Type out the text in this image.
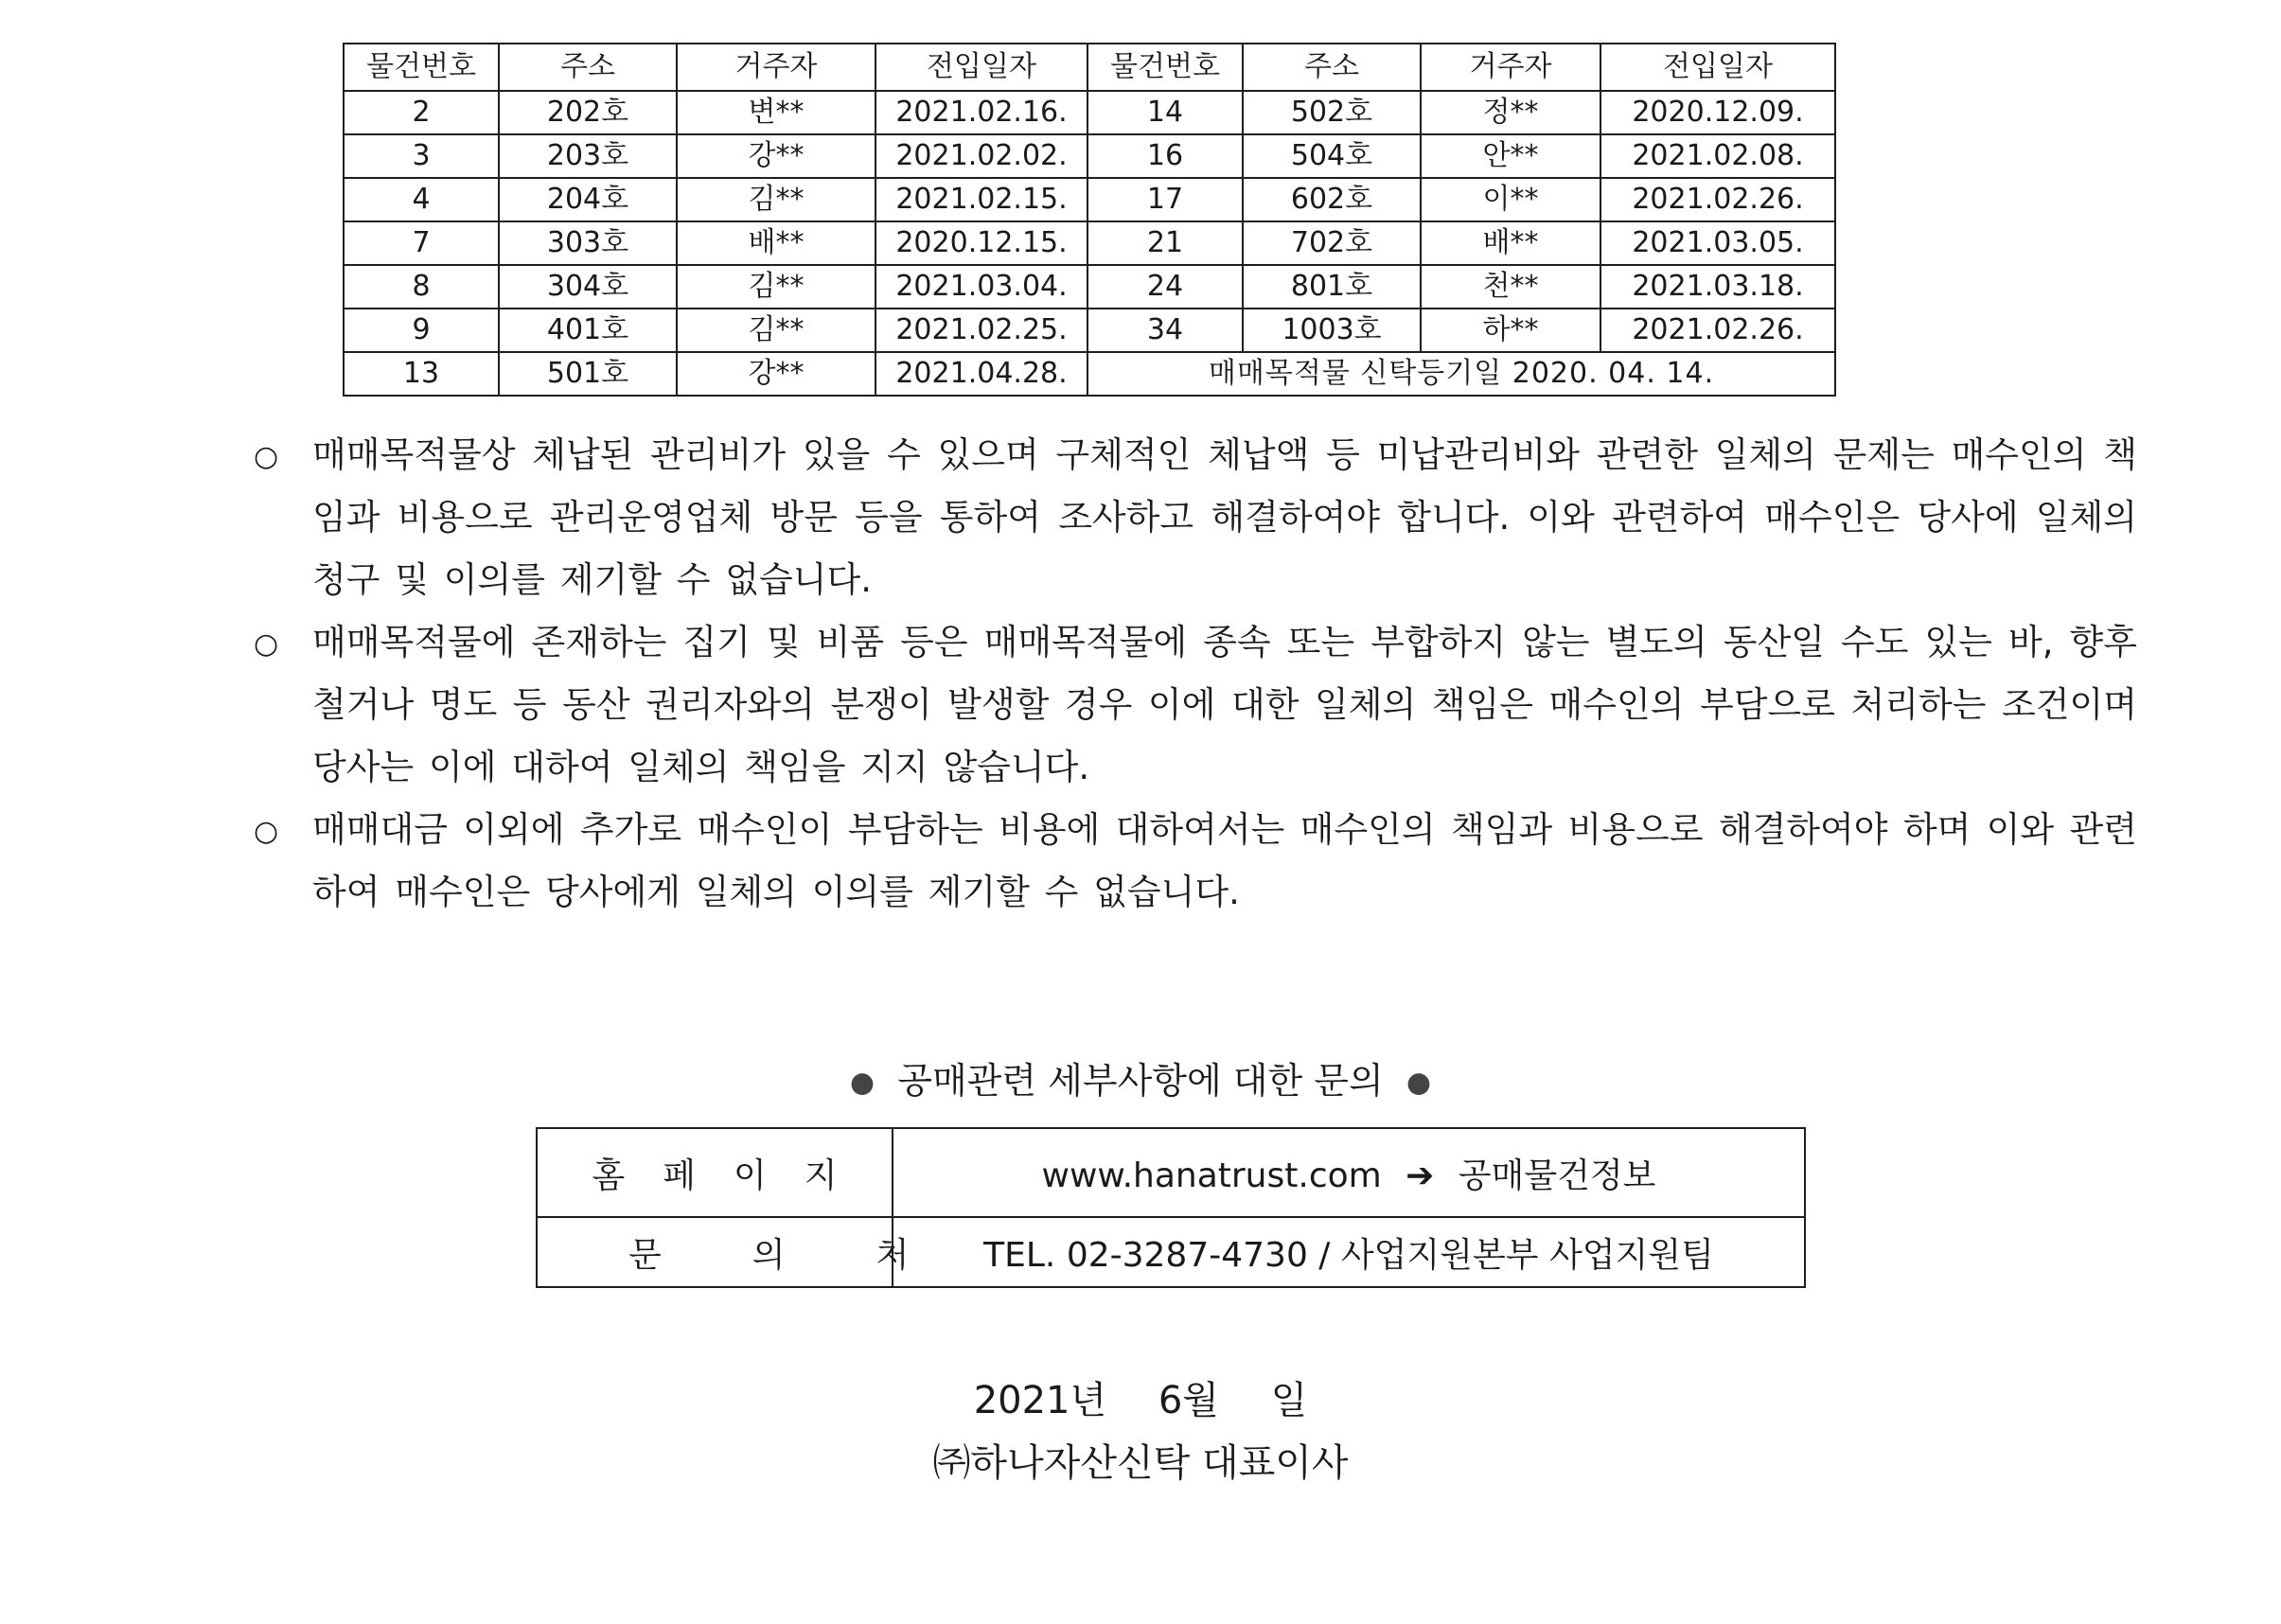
물건번호	주소	거주자	전입일자	물건번호	주소	거주자	전입일자
2	202호	변**	2021.02.16.	14	502호	정**	2020.12.09.
3	203호	강**	2021.02.02.	16	504호	안**	2021.02.08.
4	204호	김**	2021.02.15.	17	602호	이**	2021.02.26.
7	303호	배**	2020.12.15.	21	702호	배**	2021.03.05.
8	304호	김**	2021.03.04.	24	801호	천**	2021.03.18.
9	401호	김**	2021.02.25.	34	1003호	하**	2021.02.26.
13	501호	강**	2021.04.28.	매매목적물 신탁등기일 2020. 04. 14.			
○ 매매목적물상 체납된 관리비가 있을 수 있으며 구체적인 체납액 등 미납관리비와 관련한 일체의 문제는 매수인의 책임과 비용으로 관리운영업체 방문 등을 통하여 조사하고 해결하여야 합니다. 이와 관련하여 매수인은 당사에 일체의 청구 및 이의를 제기할 수 없습니다.
○ 매매목적물에 존재하는 집기 및 비품 등은 매매목적물에 종속 또는 부합하지 않는 별도의 동산일 수도 있는 바, 향후 철거나 명도 등 동산 권리자와의 분쟁이 발생할 경우 이에 대한 일체의 책임은 매수인의 부담으로 처리하는 조건이며 당사는 이에 대하여 일체의 책임을 지지 않습니다.
○ 매매대금 이외에 추가로 매수인이 부담하는 비용에 대하여서는 매수인의 책임과 비용으로 해결하여야 하며 이와 관련하여 매수인은 당사에게 일체의 이의를 제기할 수 없습니다.
● 공매관련 세부사항에 대한 문의 ●
홈페이지	www.hanatrust.com ➔ 공매물건정보
문의처	TEL. 02-3287-4730 / 사업지원본부 사업지원팀
2021년 6월 일
㈜하나자산신탁 대표이사
